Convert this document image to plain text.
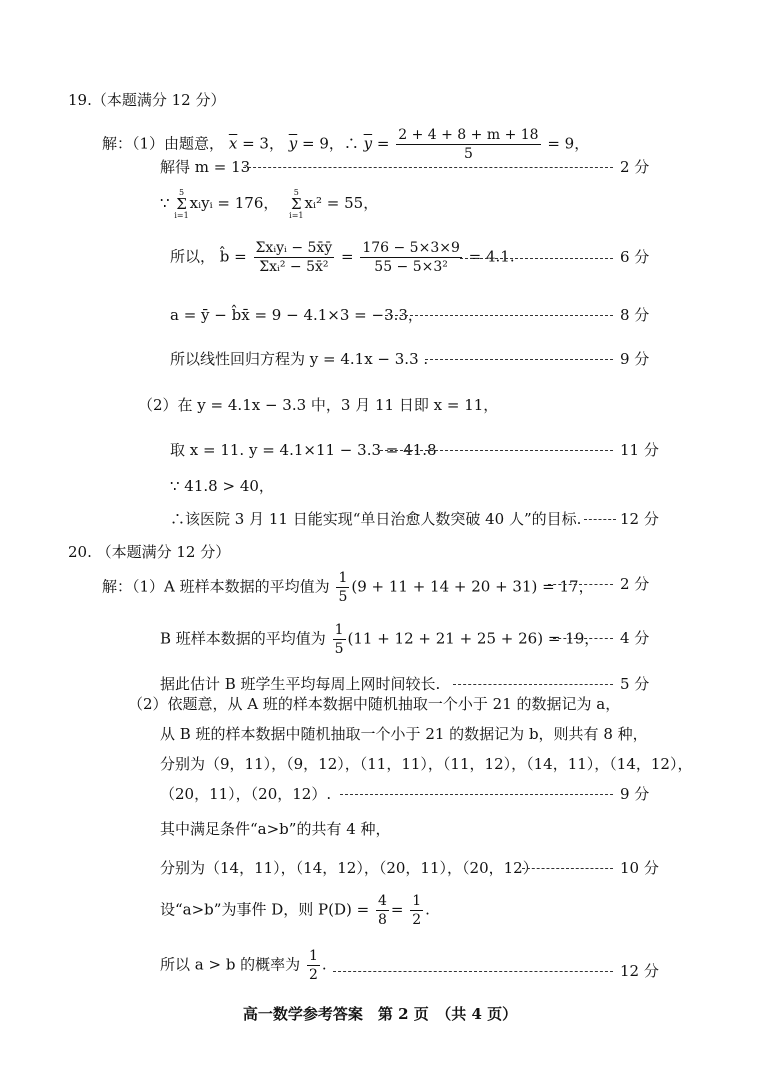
19.（本题满分 12 分）
解：（1）由题意， $\overline{x} = 3$， $\overline{y} = 9$，∴ $\overline{y} = \frac{2 + 4 + 8 + m + 18}{5} = 9$，
解得 m = 13	2 分
∵ 5
Σ
i=1xᵢyᵢ = 176， 5
Σ
i=1xᵢ² = 55，
所以， b̂ = $\frac{\text{Σxᵢyᵢ − 5x̄ȳ}}{\text{Σxᵢ² − 5x̄²}} = \frac{176 - 5\times 3\times 9}{\text{55 − 5×3²}} = 4.1$.	6 分
a = ȳ − b̂x̄ = 9 − 4.1×3 = −3.3，	8 分
所以线性回归方程为 y = 4.1x − 3.3 .	9 分
（2）在 y = 4.1x − 3.3 中，3 月 11 日即 x = 11，
取 x = 11. y = 4.1×11 − 3.3 = 41.8	11 分
∵ 41.8 > 40，
∴该医院 3 月 11 日能实现“单日治愈人数突破 40 人”的目标.	12 分
20. （本题满分 12 分）
解：（1）A 班样本数据的平均值为 $\frac{1}{5} (9 + 11 + 14 + 20 + 31) = 17$， 2 分
B 班样本数据的平均值为 $\frac{1}{5} (11 + 12 + 21 + 25 + 26) = 19$， 4 分
据此估计 B 班学生平均每周上网时间较长.	5 分
（2）依题意，从 A 班的样本数据中随机抽取一个小于 21 的数据记为 a，
从 B 班的样本数据中随机抽取一个小于 21 的数据记为 b，则共有 8 种，
分别为（9，11），（9，12），（11，11），（11，12），（14，11），（14，12），
（20，11），（20，12）.	9 分
其中满足条件“a>b”的共有 4 种，
分别为（14，11），（14，12），（20，11），（20，12）	10 分
设“a>b”为事件 D，则 $P(D) = \frac{4}{8} = \frac{1}{2}$ .
所以 a > b 的概率为 $\frac{1}{2}$ .	12 分
高一数学参考答案　第 2 页　（共 4 页）
